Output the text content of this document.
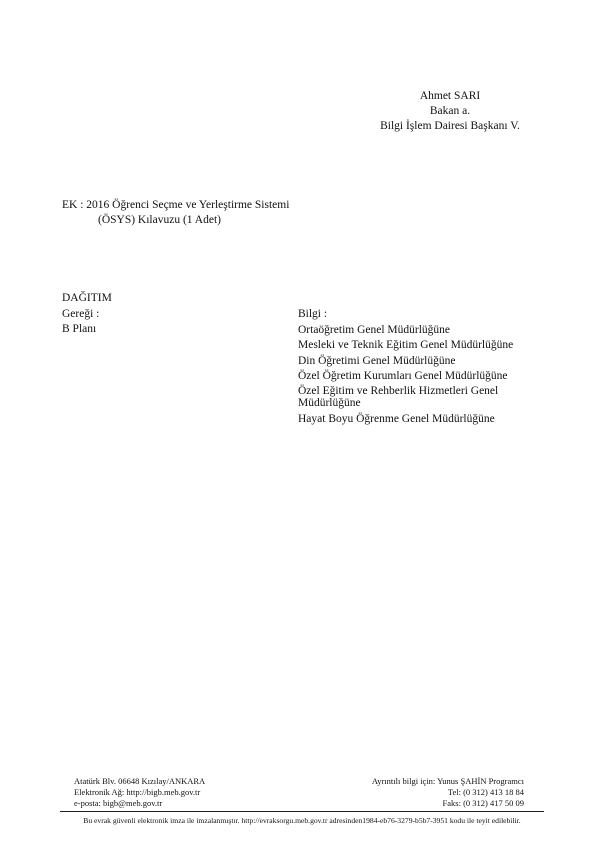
Ahmet SARI
Bakan a.
Bilgi İşlem Dairesi Başkanı V.
EK : 2016 Öğrenci Seçme ve Yerleştirme Sistemi
(ÖSYS) Kılavuzu (1 Adet)
DAĞITIM
Gereği :
B Planı
Bilgi :
Ortaöğretim Genel Müdürlüğüne
Mesleki ve Teknik Eğitim Genel Müdürlüğüne
Din Öğretimi Genel Müdürlüğüne
Özel Öğretim Kurumları Genel Müdürlüğüne
Özel Eğitim ve Rehberlik Hizmetleri Genel
Müdürlüğüne
Hayat Boyu Öğrenme Genel Müdürlüğüne
Atatürk Blv. 06648 Kızılay/ANKARA
Elektronik Ağ: http://bigb.meb.gov.tr
e-posta: bigb@meb.gov.tr
Ayrıntılı bilgi için: Yunus ŞAHİN Programcı
Tel: (0 312) 413 18 84
Faks: (0 312) 417 50 09
Bu evrak güvenli elektronik imza ile imzalanmıştır. http://evraksorgu.meb.gov.tr adresinden1984-eb76-3279-b5b7-3951 kodu ile teyit edilebilir.
